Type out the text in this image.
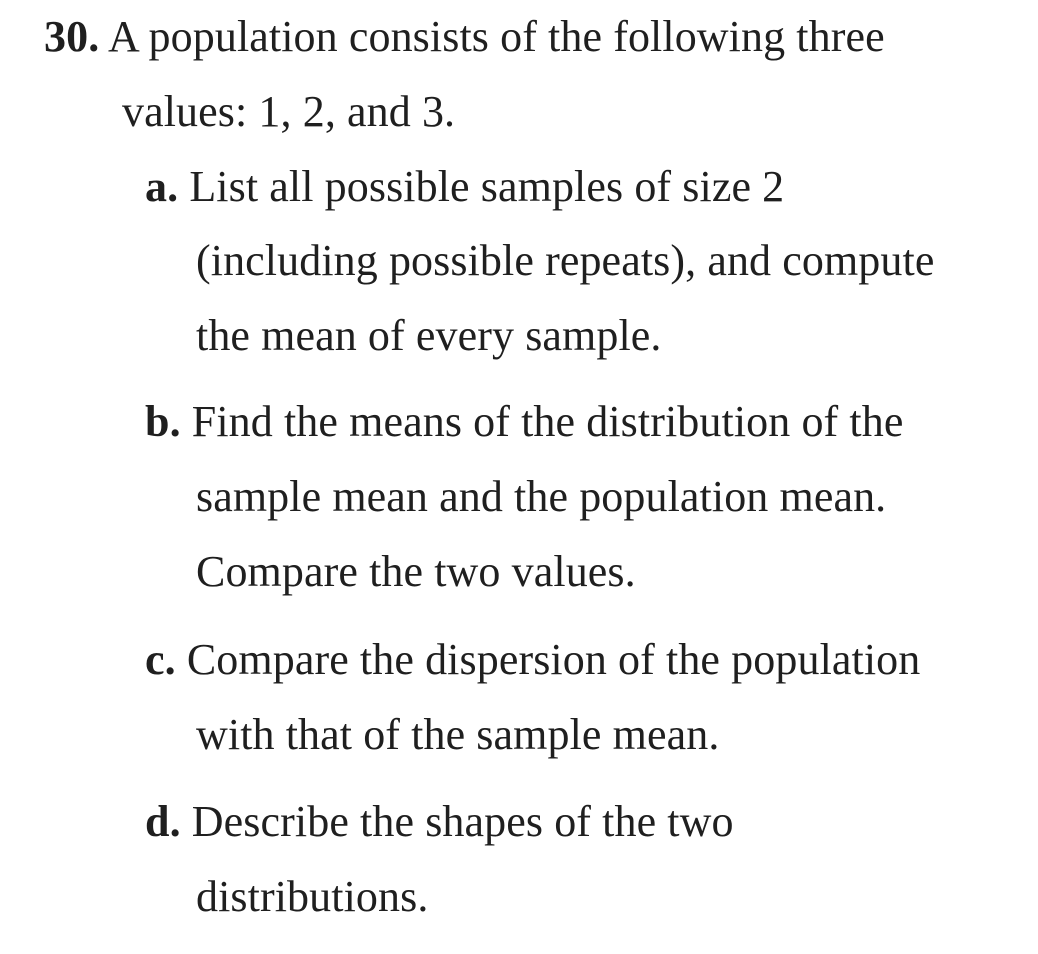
30. A population consists of the following three
values: 1, 2, and 3.
a. List all possible samples of size 2
(including possible repeats), and compute
the mean of every sample.
b. Find the means of the distribution of the
sample mean and the population mean.
Compare the two values.
c. Compare the dispersion of the population
with that of the sample mean.
d. Describe the shapes of the two
distributions.
